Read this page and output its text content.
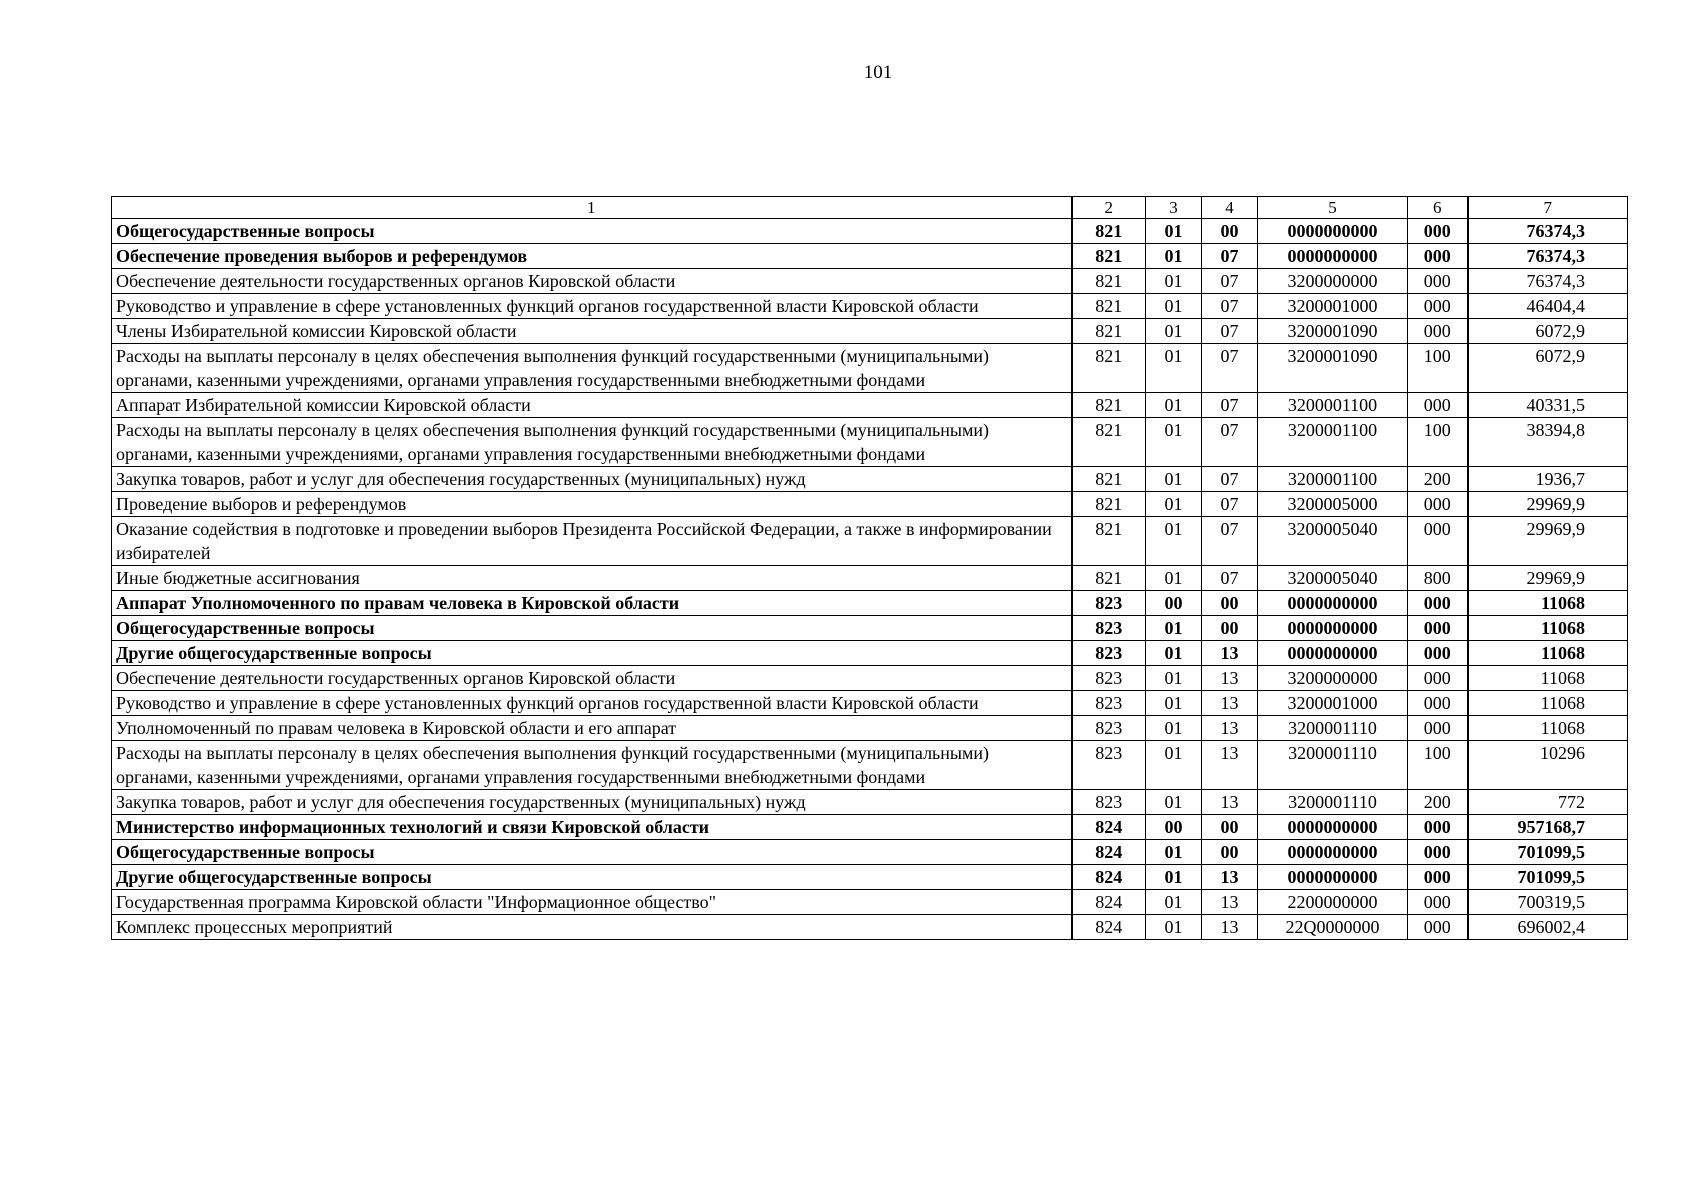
101
1	2	3	4	5	6	7
Общегосударственные вопросы	821	01	00	0000000000	000	76374,3
Обеспечение проведения выборов и референдумов	821	01	07	0000000000	000	76374,3
Обеспечение деятельности государственных органов Кировской области	821	01	07	3200000000	000	76374,3
Руководство и управление в сфере установленных функций органов государственной власти Кировской области	821	01	07	3200001000	000	46404,4
Члены Избирательной комиссии Кировской области	821	01	07	3200001090	000	6072,9
Расходы на выплаты персоналу в целях обеспечения выполнения функций государственными (муниципальными) органами, казенными учреждениями, органами управления государственными внебюджетными фондами	821	01	07	3200001090	100	6072,9
Аппарат Избирательной комиссии Кировской области	821	01	07	3200001100	000	40331,5
Расходы на выплаты персоналу в целях обеспечения выполнения функций государственными (муниципальными) органами, казенными учреждениями, органами управления государственными внебюджетными фондами	821	01	07	3200001100	100	38394,8
Закупка товаров, работ и услуг для обеспечения государственных (муниципальных) нужд	821	01	07	3200001100	200	1936,7
Проведение выборов и референдумов	821	01	07	3200005000	000	29969,9
Оказание содействия в подготовке и проведении выборов Президента Российской Федерации, а также в информировании избирателей	821	01	07	3200005040	000	29969,9
Иные бюджетные ассигнования	821	01	07	3200005040	800	29969,9
Аппарат Уполномоченного по правам человека в Кировской области	823	00	00	0000000000	000	11068
Общегосударственные вопросы	823	01	00	0000000000	000	11068
Другие общегосударственные вопросы	823	01	13	0000000000	000	11068
Обеспечение деятельности государственных органов Кировской области	823	01	13	3200000000	000	11068
Руководство и управление в сфере установленных функций органов государственной власти Кировской области	823	01	13	3200001000	000	11068
Уполномоченный по правам человека в Кировской области и его аппарат	823	01	13	3200001110	000	11068
Расходы на выплаты персоналу в целях обеспечения выполнения функций государственными (муниципальными) органами, казенными учреждениями, органами управления государственными внебюджетными фондами	823	01	13	3200001110	100	10296
Закупка товаров, работ и услуг для обеспечения государственных (муниципальных) нужд	823	01	13	3200001110	200	772
Министерство информационных технологий и связи Кировской области	824	00	00	0000000000	000	957168,7
Общегосударственные вопросы	824	01	00	0000000000	000	701099,5
Другие общегосударственные вопросы	824	01	13	0000000000	000	701099,5
Государственная программа Кировской области "Информационное общество"	824	01	13	2200000000	000	700319,5
Комплекс процессных мероприятий	824	01	13	22Q0000000	000	696002,4
